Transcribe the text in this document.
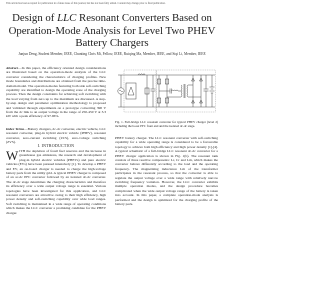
This article has been accepted for publication in a future issue of this journal, but has not been fully edited. Content may change prior to final publication.
Design of LLC Resonant Converters Based on Operation-Mode Analysis for Level Two PHEV Battery Chargers
Junjun Deng, Student Member, IEEE, Chunting Chris Mi, Fellow, IEEE, Ruiqing Ma, Member, IEEE, and Siqi Li, Member, IEEE
Abstract—In this paper, the efficiency oriented design considerations are illustrated based on the operation-mode analysis of the LLC converter considering the characteristics of charging profiles. New mode boundaries and distributions are obtained from the precise time-domain model. The operation-modes featuring both side soft-switching capability are identified to design the operating zone of the charging process. Then the design constraints for achieving soft switching with the load varying from zero up to the maximum are discussed. A step-by-step design and parameter optimization methodology is proposed and validated through experiments on a prototype converting 390 V from the dc link to an output voltage in the range of 250-450 V at 3.3 kW with a peak efficiency of 97.96%.
Index Terms—Battery chargers, dc-dc converter, electric vehicle, LLC resonant converter, plug-in hybrid electric vehicle (PHEV), resonant converter, zero-current switching (ZCS), zero-voltage switching (ZVS).
I. INTRODUCTION
WITH the depletion of fossil fuel reserves and the increase in greenhouse gas emissions, the research and development of plug-in hybrid electric vehicles (PHEVs) and pure electric vehicles (EVs) have been pursued intensively [1]. To develop a PHEV and EV, an on-board charger is needed to charge the high-voltage battery pack from the utility grid. A typical PHEV charger is composed of an ac-dc PFC converter followed by an isolated dc-dc converter. The dc-dc stage determines the charging characteristics and therefore its efficiency over a wide output voltage range is essential. Various topologies have been investigated for this application, and LLC resonant converters are attractive owing to their high efficiency, high power density and soft-switching capability over wide load ranges. Soft switching is maintained in a wide range of operating conditions which makes the LLC converter a promising candidate for the PHEV charger.
Fig. 1. Full-bridge LLC resonant converter for typical PHEV charger (level 2) including the boost PFC front end and the isolated dc-dc stage.
PHEV battery charger. The LLC resonant converter with soft-switching capability for a wide operating range is considered to be a favourable topology to achieve both high efficiency and high power density [1]-[4]. A typical schematic of a full-bridge LLC resonant dc-dc converter for a PHEV charger application is shown in Fig. 1(b). The resonant tank consists of three reactive components: Lr, Cr and Lm, which makes the converter behave differently according to the load and the operating frequency. The magnetizing inductance Lm of the transformer participates in the resonant process, so that the converter is able to regulate the output voltage over a wide range with relatively narrow switching frequency variation. However, the LLC converter exhibits multiple operation modes, and the design procedure becomes complicated when the wide output voltage range of the battery is taken into account. In this paper, a complete operation-mode analysis is performed and the design is optimized for the charging profile of the battery pack.
